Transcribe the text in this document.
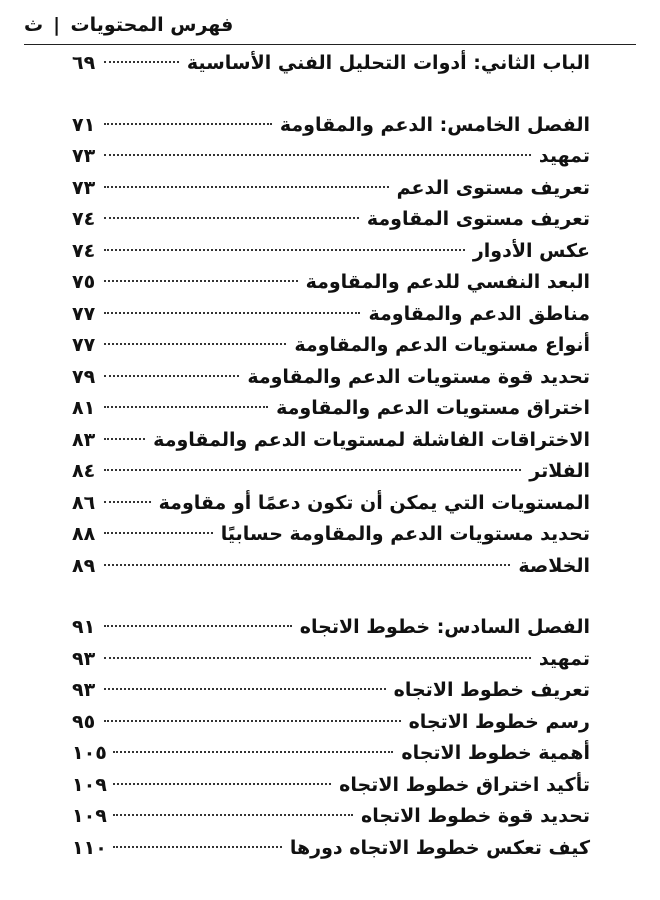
فهرس المحتويات
|
ث
الباب الثاني: أدوات التحليل الفني الأساسية
٦٩
الفصل الخامس: الدعم والمقاومة
٧١
تمهيد
٧٣
تعريف مستوى الدعم
٧٣
تعريف مستوى المقاومة
٧٤
عكس الأدوار
٧٤
البعد النفسي للدعم والمقاومة
٧٥
مناطق الدعم والمقاومة
٧٧
أنواع مستويات الدعم والمقاومة
٧٧
تحديد قوة مستويات الدعم والمقاومة
٧٩
اختراق مستويات الدعم والمقاومة
٨١
الاختراقات الفاشلة لمستويات الدعم والمقاومة
٨٣
الفلاتر
٨٤
المستويات التي يمكن أن تكون دعمًا أو مقاومة
٨٦
تحديد مستويات الدعم والمقاومة حسابيًا
٨٨
الخلاصة
٨٩
الفصل السادس: خطوط الاتجاه
٩١
تمهيد
٩٣
تعريف خطوط الاتجاه
٩٣
رسم خطوط الاتجاه
٩٥
أهمية خطوط الاتجاه
١٠٥
تأكيد اختراق خطوط الاتجاه
١٠٩
تحديد قوة خطوط الاتجاه
١٠٩
كيف تعكس خطوط الاتجاه دورها
١١٠
